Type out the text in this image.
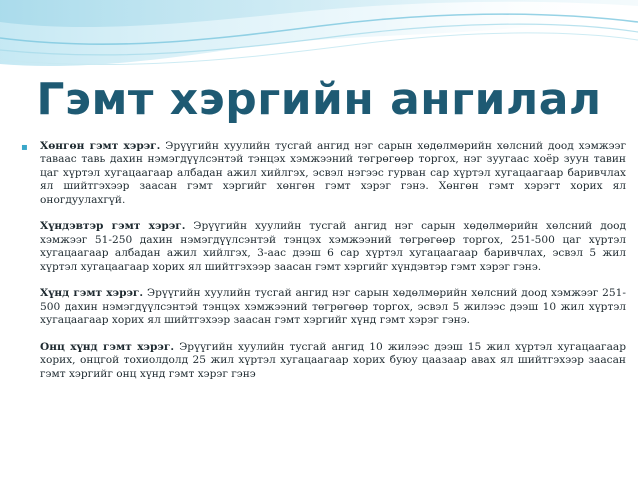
Гэмт хэргийн ангилал
▪ Хөнгөн гэмт хэрэг. Эрүүгийн хуулийн тусгай ангид нэг сарын хөдөлмөрийн хөлсний доод хэмжээг тавaaс тавь дахин нэмэгдүүлсэнтэй тэнцэх хэмжээний төгрөгөөр торгох, нэг зуугаас хоёр зуун тавин цаг хүртэл хугацаагаар албадан ажил хийлгэх, эсвэл нэгээс гурван сар хүртэл хугацаагаар баривчлах ял шийтгэхээр заасан гэмт хэргийг хөнгөн гэмт хэрэг гэнэ. Хөнгөн гэмт хэрэгт хорих ял оногдуулахгүй.

Хүндэвтэр гэмт хэрэг. Эрүүгийн хуулийн тусгай ангид нэг сарын хөдөлмөрийн хөлсний доод хэмжээг 51-250 дахин нэмэгдүүлсэнтэй тэнцэх хэмжээний төгрөгөөр торгох, 251-500 цаг хүртэл хугацаагаар албадан ажил хийлгэх, 3-аас дээш 6 сар хүртэл хугацаагаар баривчлах, эсвэл 5 жил хүртэл хугацаагаар хорих ял шийтгэхээр заасан гэмт хэргийг хүндэвтэр гэмт хэрэг гэнэ.

Хүнд гэмт хэрэг. Эрүүгийн хуулийн тусгай ангид нэг сарын хөдөлмөрийн хөлсний доод хэмжээг 251-500 дахин нэмэгдүүлсэнтэй тэнцэх хэмжээний төгрөгөөр торгох, эсвэл 5 жилээс дээш 10 жил хүртэл хугацаагаар хорих ял шийтгэхээр заасан гэмт хэргийг хүнд гэмт хэрэг гэнэ.

Онц хүнд гэмт хэрэг. Эрүүгийн хуулийн тусгай ангид 10 жилээс дээш 15 жил хүртэл хугацаагаар хорих, онцгой тохиолдолд 25 жил хүртэл хугацаагаар хорих буюу цаазаар авах ял шийтгэхээр заасан гэмт хэргийг онц хүнд гэмт хэрэг гэнэ
